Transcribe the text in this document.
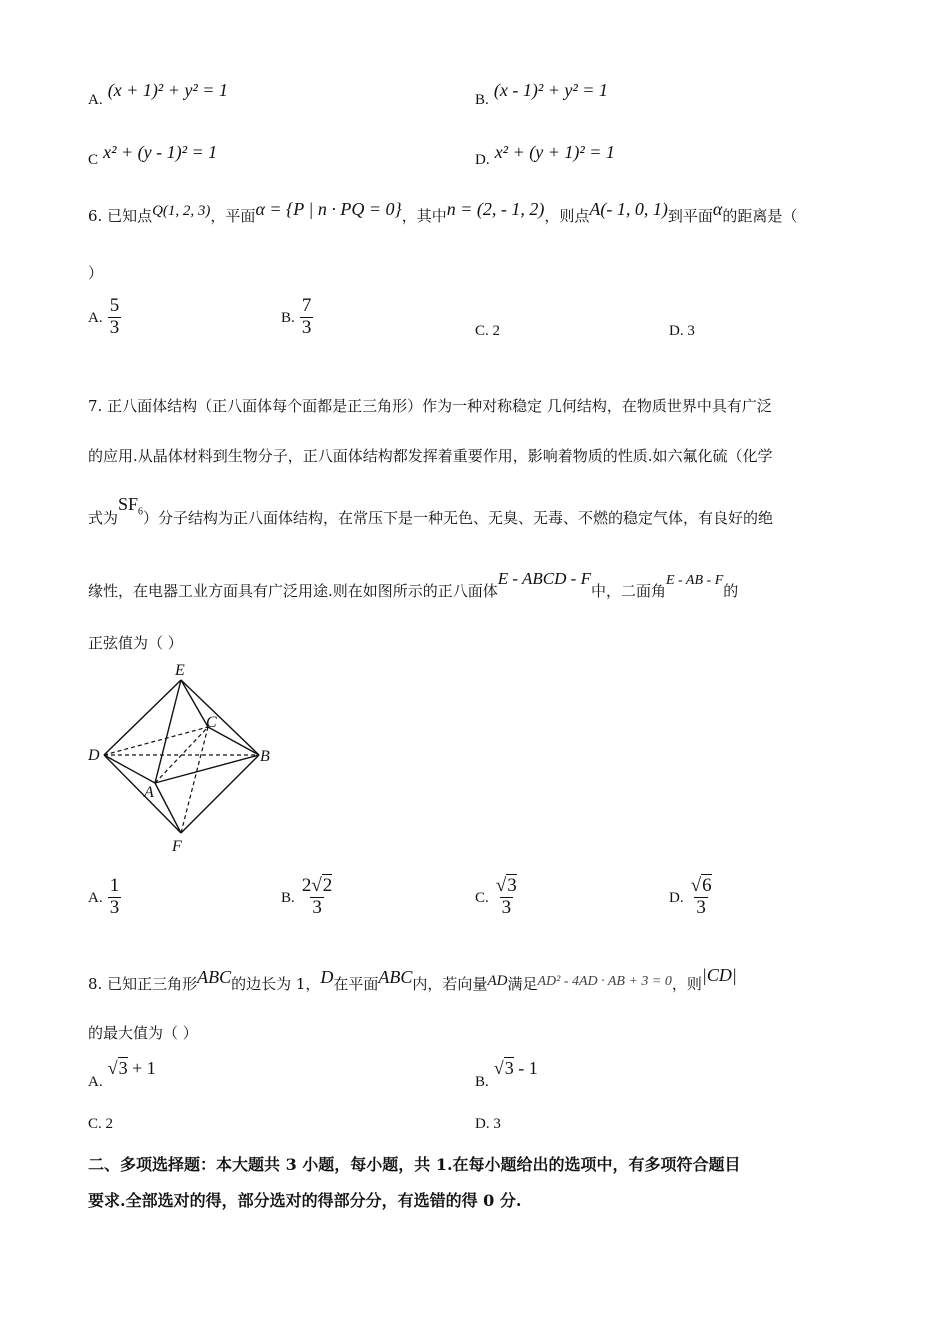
A. (x + 1)² + y² = 1	B. (x - 1)² + y² = 1
C x² + (y - 1)² = 1	D. x² + (y + 1)² = 1
6. 已知点Q(1, 2, 3)，平面α = {P | n · PQ = 0}，其中n = (2, - 1, 2)，则点A(- 1, 0, 1)到平面α的距离是（
）
A. $\frac{5}{3}$	B. $\frac{7}{3}$	C. 2	D. 3
7. 正八面体结构（正八面体每个面都是正三角形）作为一种对称稳定 几何结构，在物质世界中具有广泛
的应用.从晶体材料到生物分子，正八面体结构都发挥着重要作用，影响着物质的性质.如六氟化硫（化学
式为$SF_6$）分子结构为正八面体结构，在常压下是一种无色、无臭、无毒、不燃的稳定气体，有良好的绝
缘性，在电器工业方面具有广泛用途.则在如图所示的正八面体E - ABCD - F中，二面角E - AB - F的
正弦值为（ ）
E
C
D	B
A
F
A. $\frac{1}{3}$	B. $\frac{2√2}{3}$	C. $\frac{√3}{3}$	D. $\frac{√6}{3}$
8. 已知正三角形ABC的边长为 1，D在平面ABC内，若向量AD满足AD² - 4AD · AB + 3 = 0，则|CD|
的最大值为（ ）
A. √3 + 1
B. √3 - 1
C. 2	D. 3
二、多项选择题：本大题共 3 小题，每小题，共 1.在每小题给出的选项中，有多项符合题目
要求.全部选对的得，部分选对的得部分分，有选错的得 0 分.
